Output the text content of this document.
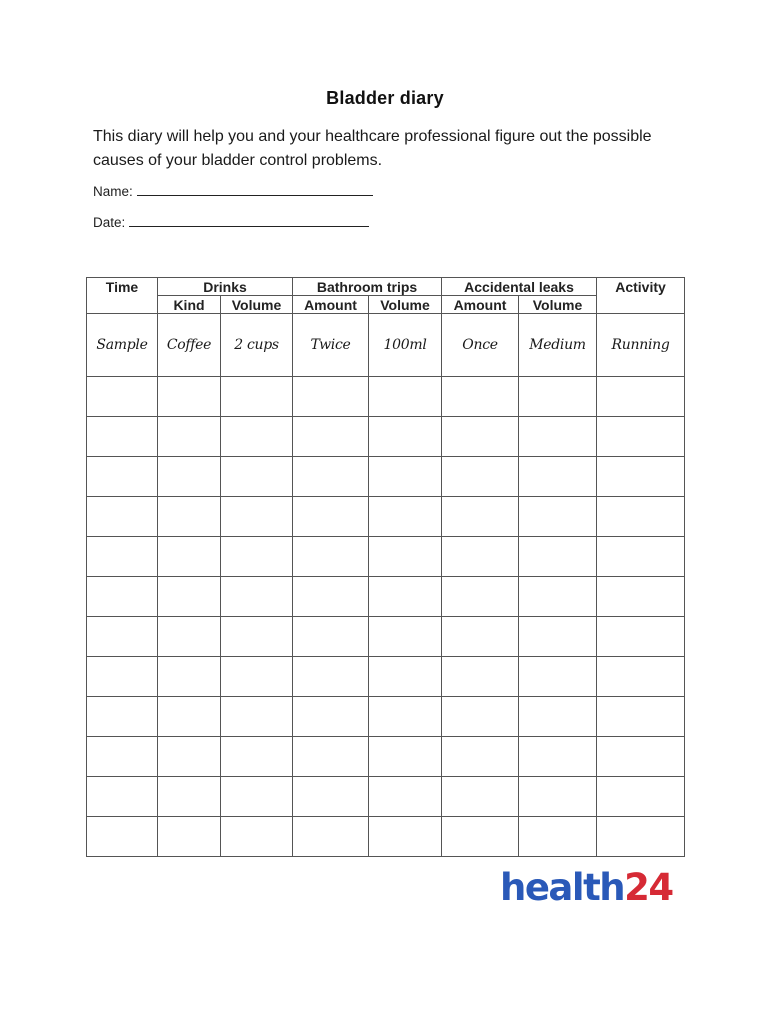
Bladder diary
This diary will help you and your healthcare professional figure out the possible causes of your bladder control problems.
Name:
Date:
Time	Drinks		Bathroom trips		Accidental leaks		Activity
	Kind	Volume	Amount	Volume	Amount	Volume	
Sample	Coffee	2 cups	Twice	100ml	Once	Medium	Running

health24
